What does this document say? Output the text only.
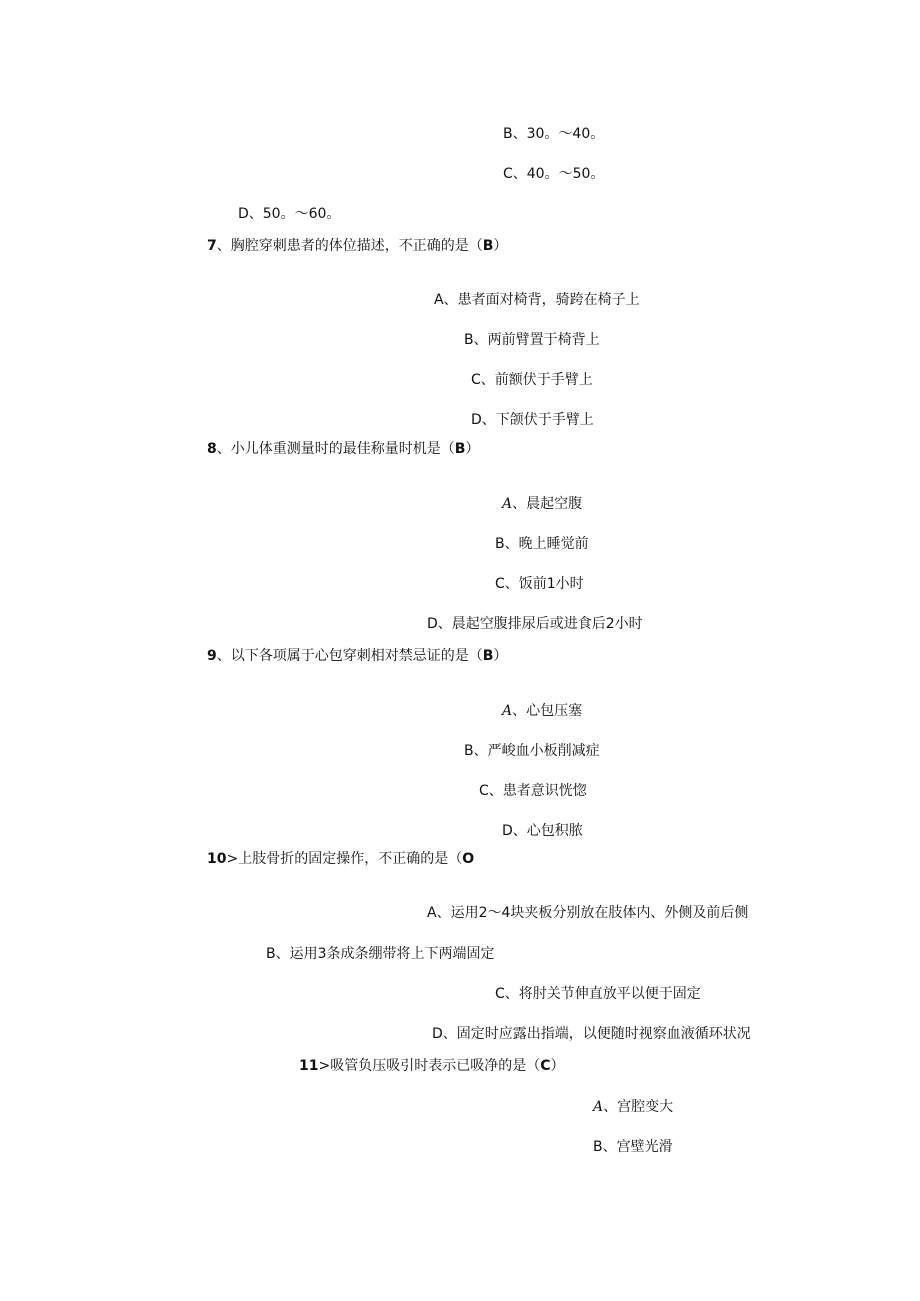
B、30。～40。
C、40。～50。
D、50。～60。
7、胸腔穿刺患者的体位描述，不正确的是（B）
A、患者面对椅背，骑跨在椅子上
B、两前臂置于椅背上
C、前额伏于手臂上
D、下颌伏于手臂上
8、小儿体重测量时的最佳称量时机是（B）
A、晨起空腹
B、晚上睡觉前
C、饭前1小时
D、晨起空腹排尿后或进食后2小时
9、以下各项属于心包穿刺相对禁忌证的是（B）
A、心包压塞
B、严峻血小板削减症
C、患者意识恍惚
D、心包积脓
10>上肢骨折的固定操作，不正确的是（O
A、运用2～4块夹板分别放在肢体内、外侧及前后侧
B、运用3条成条绷带将上下两端固定
C、将肘关节伸直放平以便于固定
D、固定时应露出指端，以便随时视察血液循环状况
11>吸管负压吸引时表示已吸净的是（C）
A、宫腔变大
B、宫壁光滑
